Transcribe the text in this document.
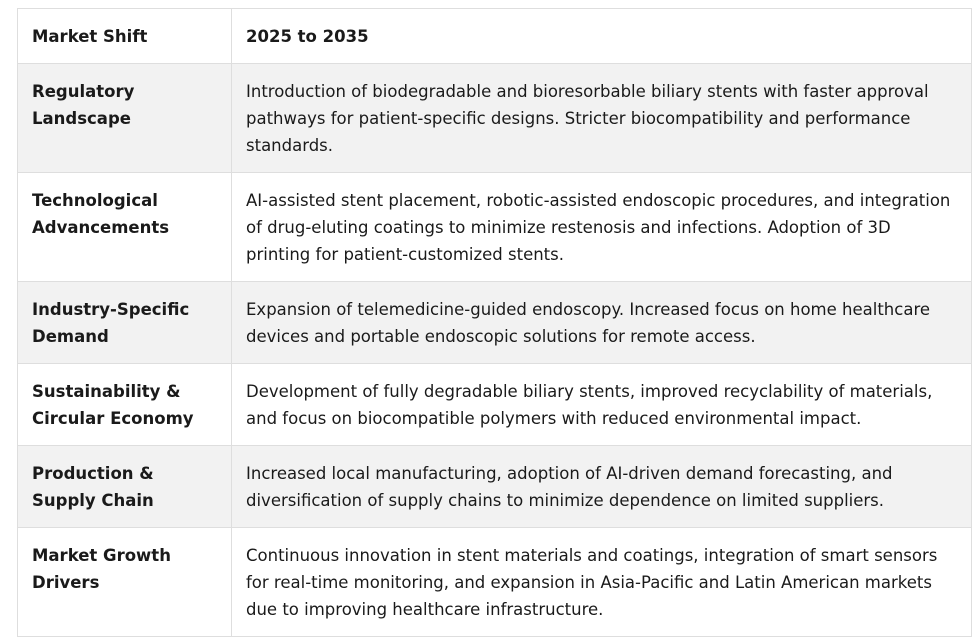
Market Shift	2025 to 2035
Regulatory Landscape	Introduction of biodegradable and bioresorbable biliary stents with faster approval pathways for patient-specific designs. Stricter biocompatibility and performance standards.
Technological Advancements	AI-assisted stent placement, robotic-assisted endoscopic procedures, and integration of drug-eluting coatings to minimize restenosis and infections. Adoption of 3D printing for patient-customized stents.
Industry-Specific Demand	Expansion of telemedicine-guided endoscopy. Increased focus on home healthcare devices and portable endoscopic solutions for remote access.
Sustainability & Circular Economy	Development of fully degradable biliary stents, improved recyclability of materials, and focus on biocompatible polymers with reduced environmental impact.
Production & Supply Chain	Increased local manufacturing, adoption of AI-driven demand forecasting, and diversification of supply chains to minimize dependence on limited suppliers.
Market Growth Drivers	Continuous innovation in stent materials and coatings, integration of smart sensors for real-time monitoring, and expansion in Asia-Pacific and Latin American markets due to improving healthcare infrastructure.
